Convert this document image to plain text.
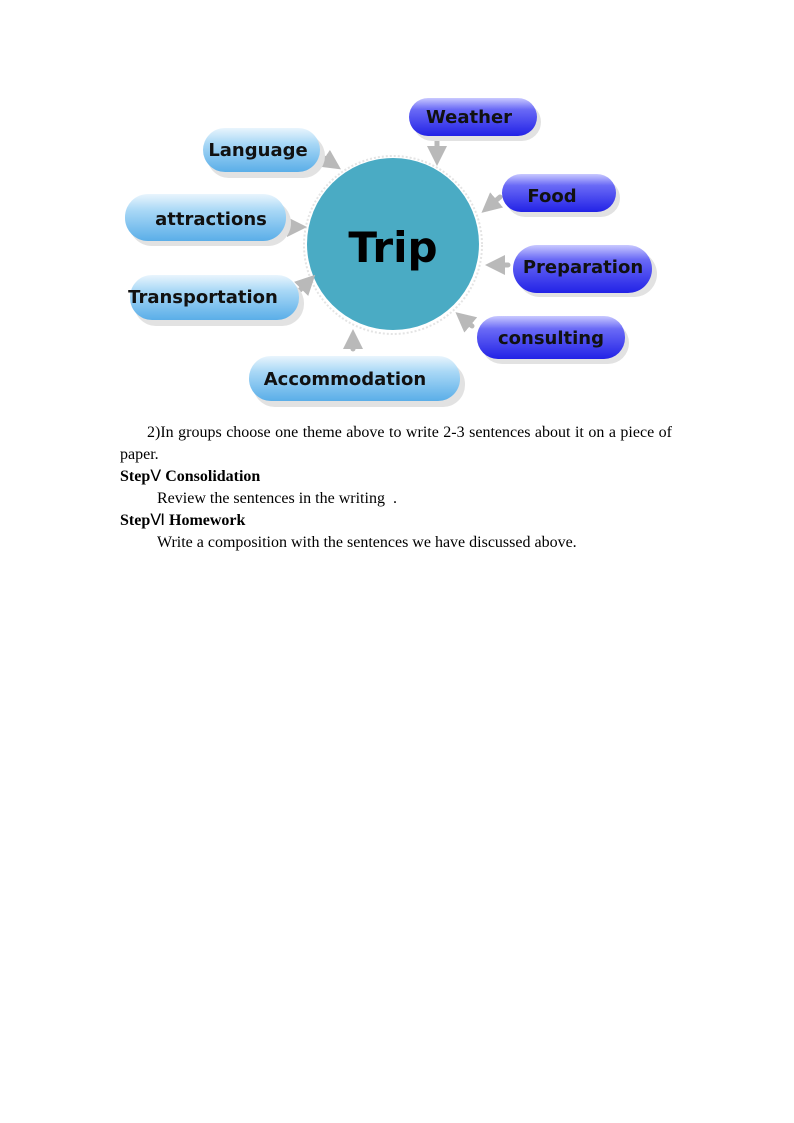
Trip
Weather
Food
Preparation
consulting
Accommodation
Transportation
attractions
Language

2)In groups choose one theme above to write 2-3 sentences about it on a piece of paper.

StepⅤ Consolidation

Review the sentences in the writing  .

StepⅥ Homework

Write a composition with the sentences we have discussed above.
